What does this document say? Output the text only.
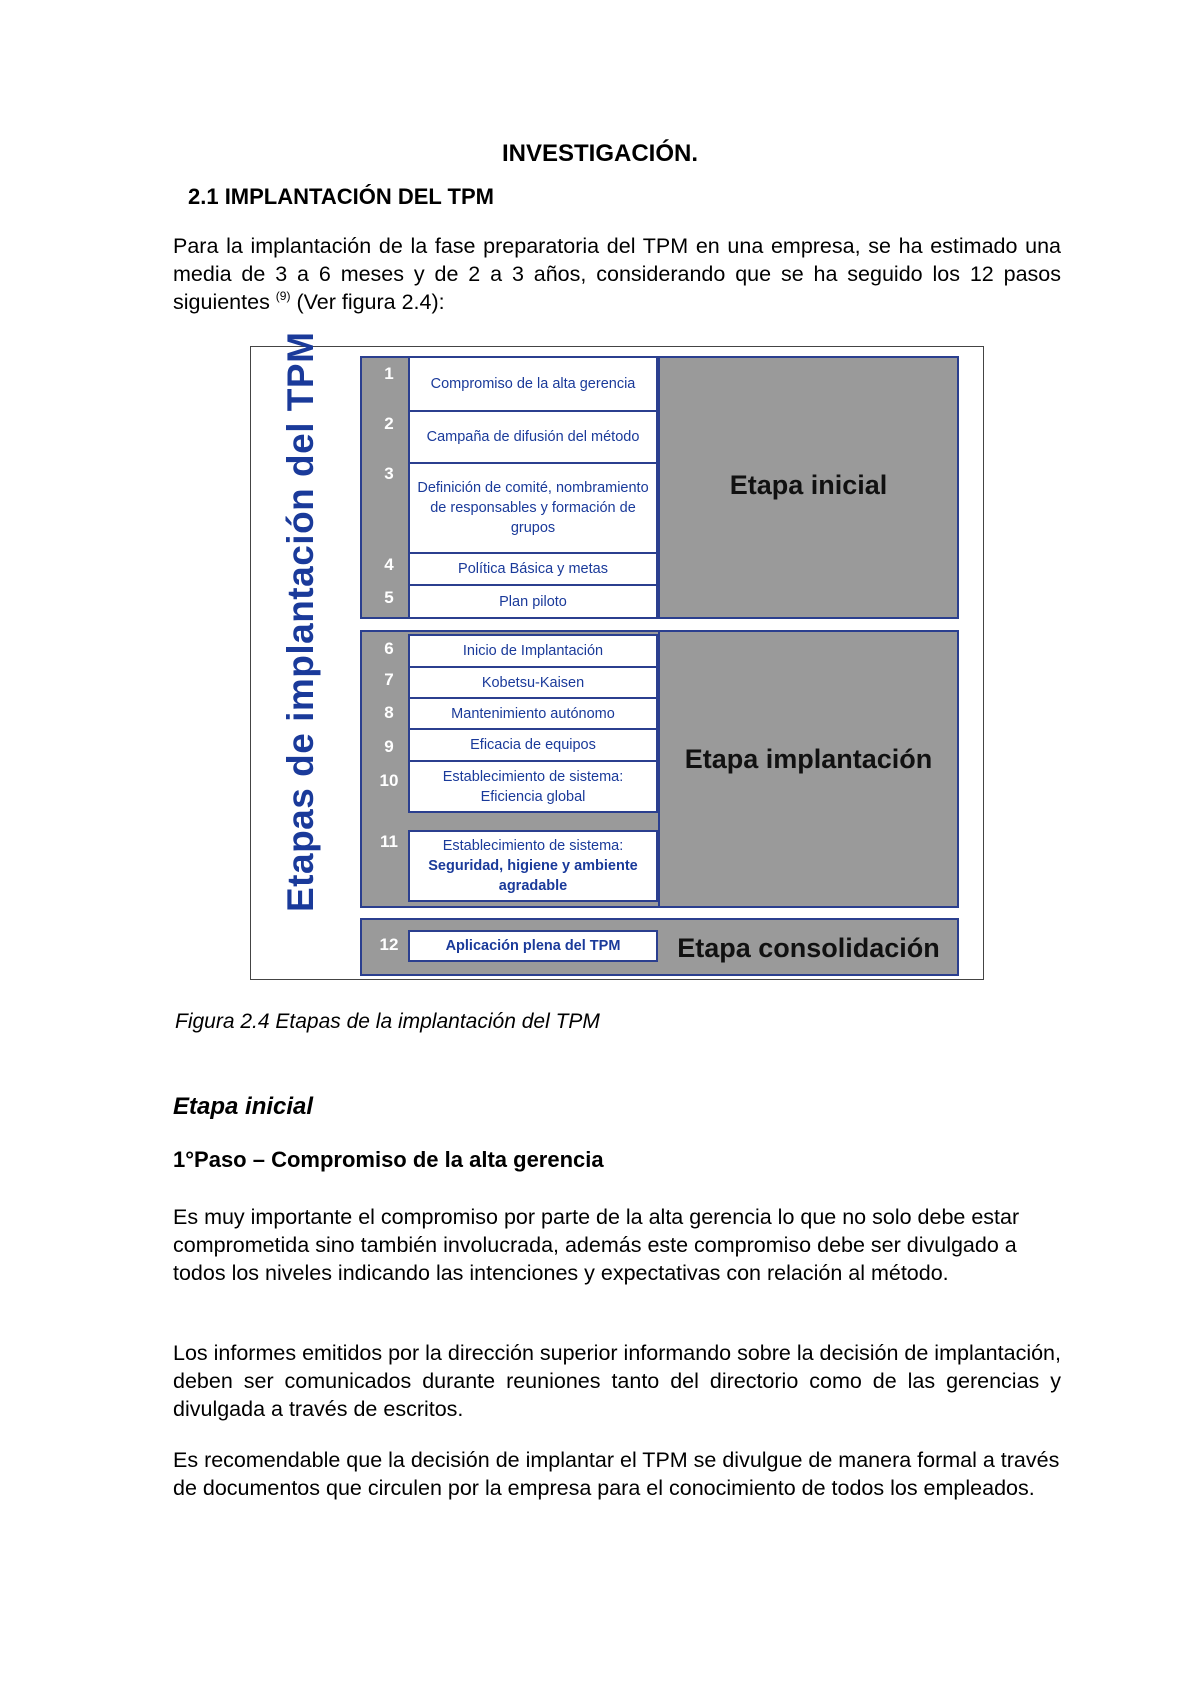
INVESTIGACIÓN.
2.1 IMPLANTACIÓN DEL TPM
Para la implantación de la fase preparatoria del TPM en una empresa, se ha estimado una media de 3 a 6 meses y de 2 a 3 años, considerando que se ha seguido los 12 pasos siguientes $^{(9)}$ (Ver figura 2.4):
Etapas de implantación del TPM	Etapa inicial
Etapa implantación
Etapa consolidación
1
2
3
4
5
6
7
8
9
10
11
12
Compromiso de la alta gerencia
Campaña de difusión del método
Definición de comité, nombramiento de responsables y formación de grupos
Política Básica y metas
Plan piloto
Inicio de Implantación
Kobetsu-Kaisen
Mantenimiento autónomo
Eficacia de equipos
Establecimiento de sistema: Eficiencia global
Establecimiento de sistema:
Seguridad, higiene y ambiente agradable
Aplicación plena del TPM
Figura 2.4 Etapas de la implantación del TPM
Etapa inicial
1°Paso – Compromiso de la alta gerencia
Es muy importante el compromiso por parte de la alta gerencia lo que no solo debe estar comprometida sino también involucrada, además este compromiso debe ser divulgado a todos los niveles indicando las intenciones y expectativas con relación al método.
Los informes emitidos por la dirección superior informando sobre la decisión de implantación, deben ser comunicados durante reuniones tanto del directorio como de las gerencias y divulgada a través de escritos.
Es recomendable que la decisión de implantar el TPM se divulgue de manera formal a través de documentos que circulen por la empresa para el conocimiento de todos los empleados.
